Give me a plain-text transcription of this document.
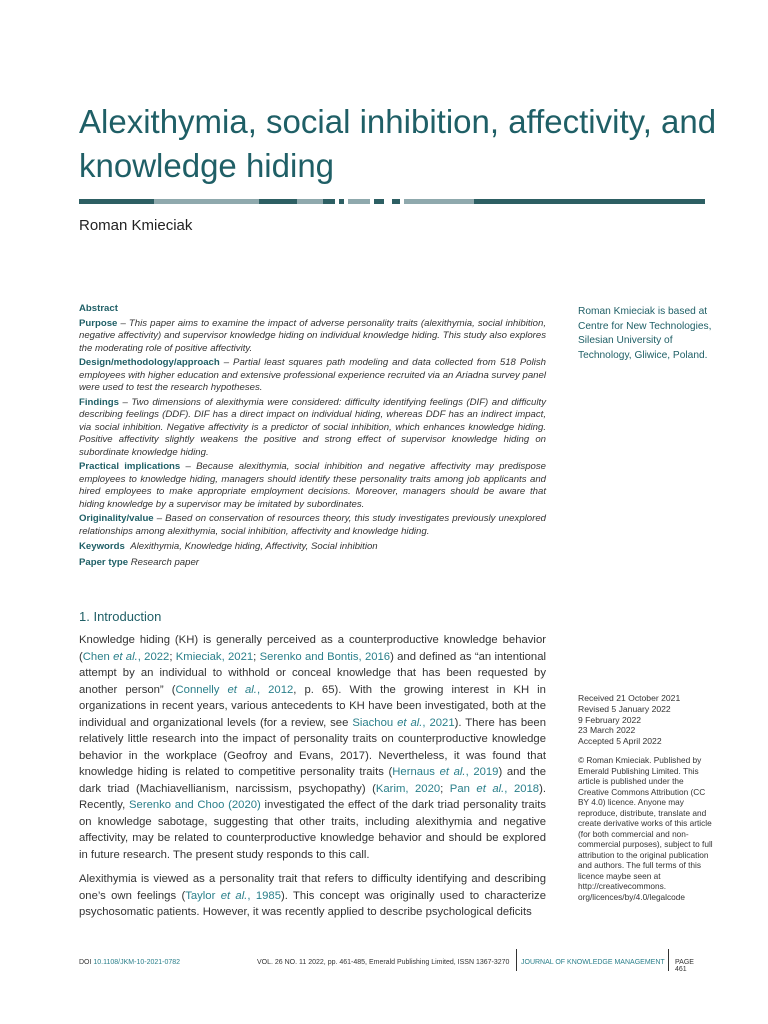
Alexithymia, social inhibition, affectivity, and knowledge hiding
Roman Kmieciak
Abstract

Purpose – This paper aims to examine the impact of adverse personality traits (alexithymia, social inhibition, negative affectivity) and supervisor knowledge hiding on individual knowledge hiding. This study also explores the moderating role of positive affectivity.

Design/methodology/approach – Partial least squares path modeling and data collected from 518 Polish employees with higher education and extensive professional experience recruited via an Ariadna survey panel were used to test the research hypotheses.

Findings – Two dimensions of alexithymia were considered: difficulty identifying feelings (DIF) and difficulty describing feelings (DDF). DIF has a direct impact on individual hiding, whereas DDF has an indirect impact, via social inhibition. Negative affectivity is a predictor of social inhibition, which enhances knowledge hiding. Positive affectivity slightly weakens the positive and strong effect of supervisor knowledge hiding on subordinate knowledge hiding.

Practical implications – Because alexithymia, social inhibition and negative affectivity may predispose employees to knowledge hiding, managers should identify these personality traits among job applicants and hired employees to make appropriate employment decisions. Moreover, managers should be aware that hiding knowledge by a supervisor may be imitated by subordinates.

Originality/value – Based on conservation of resources theory, this study investigates previously unexplored relationships among alexithymia, social inhibition, affectivity and knowledge hiding.

Keywords Alexithymia, Knowledge hiding, Affectivity, Social inhibition

Paper type Research paper

Roman Kmieciak is based at Centre for New Technologies, Silesian University of Technology, Gliwice, Poland.
1. Introduction

Knowledge hiding (KH) is generally perceived as a counterproductive knowledge behavior (Chen et al., 2022; Kmieciak, 2021; Serenko and Bontis, 2016) and defined as “an intentional attempt by an individual to withhold or conceal knowledge that has been requested by another person” (Connelly et al., 2012, p. 65). With the growing interest in KH in organizations in recent years, various antecedents to KH have been investigated, both at the individual and organizational levels (for a review, see Siachou et al., 2021). There has been relatively little research into the impact of personality traits on counterproductive knowledge behavior in the workplace (Geofroy and Evans, 2017). Nevertheless, it was found that knowledge hiding is related to competitive personality traits (Hernaus et al., 2019) and the dark triad (Machiavellianism, narcissism, psychopathy) (Karim, 2020; Pan et al., 2018). Recently, Serenko and Choo (2020) investigated the effect of the dark triad personality traits on knowledge sabotage, suggesting that other traits, including alexithymia and negative affectivity, may be related to counterproductive knowledge behavior and should be explored in future research. The present study responds to this call.

Alexithymia is viewed as a personality trait that refers to difficulty identifying and describing one’s own feelings (Taylor et al., 1985). This concept was originally used to characterize psychosomatic patients. However, it was recently applied to describe psychological deficits

Received 21 October 2021
Revised 5 January 2022
9 February 2022
23 March 2022
Accepted 5 April 2022
© Roman Kmieciak. Published by Emerald Publishing Limited. This article is published under the Creative Commons Attribution (CC BY 4.0) licence. Anyone may reproduce, distribute, translate and create derivative works of this article (for both commercial and non-commercial purposes), subject to full attribution to the original publication and authors. The full terms of this licence maybe seen at http://creativecommons. org/licences/by/4.0/legalcode
DOI 10.1108/JKM-10-2021-0782	VOL. 26 NO. 11 2022, pp. 461-485, Emerald Publishing Limited, ISSN 1367-3270 JOURNAL OF KNOWLEDGE MANAGEMENT PAGE 461
